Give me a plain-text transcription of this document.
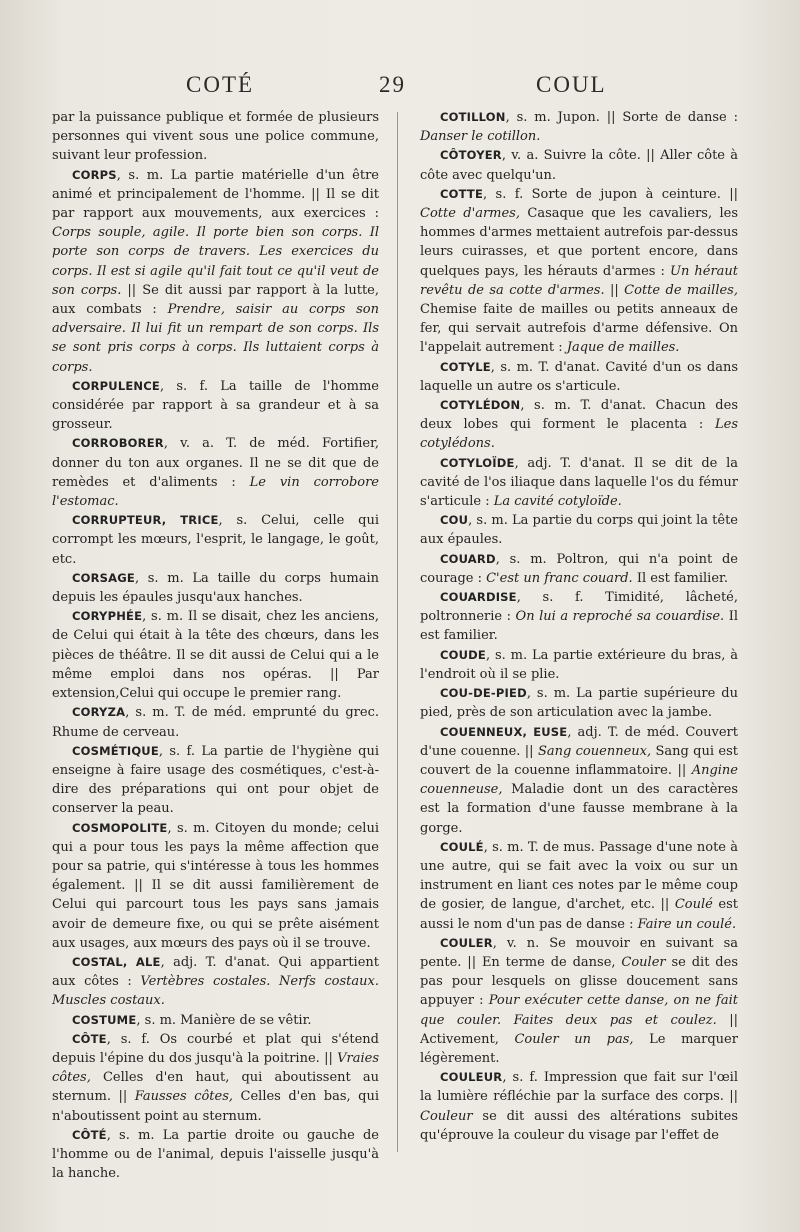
COTÉ	29	COUL

par la puissance publique et formée de plusieurs personnes qui vivent sous une police commune, suivant leur profession.

CORPS, s. m. La partie matérielle d'un être animé et principalement de l'homme. || Il se dit par rapport aux mouvements, aux exercices : Corps souple, agile. Il porte bien son corps. Il porte son corps de travers. Les exercices du corps. Il est si agile qu'il fait tout ce qu'il veut de son corps. || Se dit aussi par rapport à la lutte, aux combats : Prendre, saisir au corps son adversaire. Il lui fit un rempart de son corps. Ils se sont pris corps à corps. Ils luttaient corps à corps.

CORPULENCE, s. f. La taille de l'homme considérée par rapport à sa grandeur et à sa grosseur.

CORROBORER, v. a. T. de méd. Fortifier, donner du ton aux organes. Il ne se dit que de remèdes et d'aliments : Le vin corrobore l'estomac.

CORRUPTEUR, TRICE, s. Celui, celle qui corrompt les mœurs, l'esprit, le langage, le goût, etc.

CORSAGE, s. m. La taille du corps humain depuis les épaules jusqu'aux hanches.

CORYPHÉE, s. m. Il se disait, chez les anciens, de Celui qui était à la tête des chœurs, dans les pièces de théâtre. Il se dit aussi de Celui qui a le même emploi dans nos opéras. || Par extension,Celui qui occupe le premier rang.

CORYZA, s. m. T. de méd. emprunté du grec. Rhume de cerveau.

COSMÉTIQUE, s. f. La partie de l'hygiène qui enseigne à faire usage des cosmétiques, c'est-à-dire des préparations qui ont pour objet de conserver la peau.

COSMOPOLITE, s. m. Citoyen du monde; celui qui a pour tous les pays la même affection que pour sa patrie, qui s'intéresse à tous les hommes également. || Il se dit aussi familièrement de Celui qui parcourt tous les pays sans jamais avoir de demeure fixe, ou qui se prête aisément aux usages, aux mœurs des pays où il se trouve.

COSTAL, ALE, adj. T. d'anat. Qui appartient aux côtes : Vertèbres costales. Nerfs costaux. Muscles costaux.

COSTUME, s. m. Manière de se vêtir.

CÔTE, s. f. Os courbé et plat qui s'étend depuis l'épine du dos jusqu'à la poitrine. || Vraies côtes, Celles d'en haut, qui aboutissent au sternum. || Fausses côtes, Celles d'en bas, qui n'aboutissent point au sternum.

CÔTÉ, s. m. La partie droite ou gauche de l'homme ou de l'animal, depuis l'aisselle jusqu'à la hanche.

COTILLON, s. m. Jupon. || Sorte de danse : Danser le cotillon.

CÔTOYER, v. a. Suivre la côte. || Aller côte à côte avec quelqu'un.

COTTE, s. f. Sorte de jupon à ceinture. || Cotte d'armes, Casaque que les cavaliers, les hommes d'armes mettaient autrefois par-dessus leurs cuirasses, et que portent encore, dans quelques pays, les hérauts d'armes : Un héraut revêtu de sa cotte d'armes. || Cotte de mailles, Chemise faite de mailles ou petits anneaux de fer, qui servait autrefois d'arme défensive. On l'appelait autrement : Jaque de mailles.

COTYLE, s. m. T. d'anat. Cavité d'un os dans laquelle un autre os s'articule.

COTYLÉDON, s. m. T. d'anat. Chacun des deux lobes qui forment le placenta : Les cotylédons.

COTYLOÏDE, adj. T. d'anat. Il se dit de la cavité de l'os iliaque dans laquelle l'os du fémur s'articule : La cavité cotyloïde.

COU, s. m. La partie du corps qui joint la tête aux épaules.

COUARD, s. m. Poltron, qui n'a point de courage : C'est un franc couard. Il est familier.

COUARDISE, s. f. Timidité, lâcheté, poltronnerie : On lui a reproché sa couardise. Il est familier.

COUDE, s. m. La partie extérieure du bras, à l'endroit où il se plie.

COU-DE-PIED, s. m. La partie supérieure du pied, près de son articulation avec la jambe.

COUENNEUX, EUSE, adj. T. de méd. Couvert d'une couenne. || Sang couenneux, Sang qui est couvert de la couenne inflammatoire. || Angine couenneuse, Maladie dont un des caractères est la formation d'une fausse membrane à la gorge.

COULÉ, s. m. T. de mus. Passage d'une note à une autre, qui se fait avec la voix ou sur un instrument en liant ces notes par le même coup de gosier, de langue, d'archet, etc. || Coulé est aussi le nom d'un pas de danse : Faire un coulé.

COULER, v. n. Se mouvoir en suivant sa pente. || En terme de danse, Couler se dit des pas pour lesquels on glisse doucement sans appuyer : Pour exécuter cette danse, on ne fait que couler. Faites deux pas et coulez. || Activement, Couler un pas, Le marquer légèrement.

COULEUR, s. f. Impression que fait sur l'œil la lumière réfléchie par la surface des corps. || Couleur se dit aussi des altérations subites qu'éprouve la couleur du visage par l'effet de
